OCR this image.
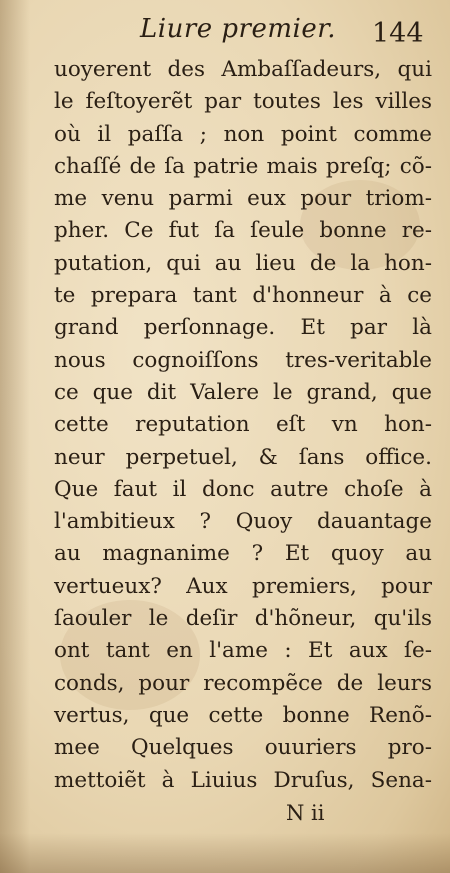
Liure premier. 144
uoyerent des Ambaſſadeurs, qui
le feſtoyerẽt par toutes les villes
où il paſſa ; non point comme
chaſſé de ſa patrie mais preſq; cõ-
me venu parmi eux pour triom-
pher. Ce fut ſa ſeule bonne re-
putation, qui au lieu de la hon-
te prepara tant d'honneur à ce
grand perſonnage. Et par là
nous cognoiſſons tres-veritable
ce que dit Valere le grand, que
cette reputation eſt vn hon-
neur perpetuel, & ſans office.
Que faut il donc autre choſe à
l'ambitieux ? Quoy dauantage
au magnanime ? Et quoy au
vertueux? Aux premiers, pour
ſaouler le deſir d'hõneur, qu'ils
ont tant en l'ame : Et aux ſe-
conds, pour recompẽce de leurs
vertus, que cette bonne Renõ-
mee Quelques ouuriers pro-
mettoiẽt à Liuius Druſus, Sena-
N ii
